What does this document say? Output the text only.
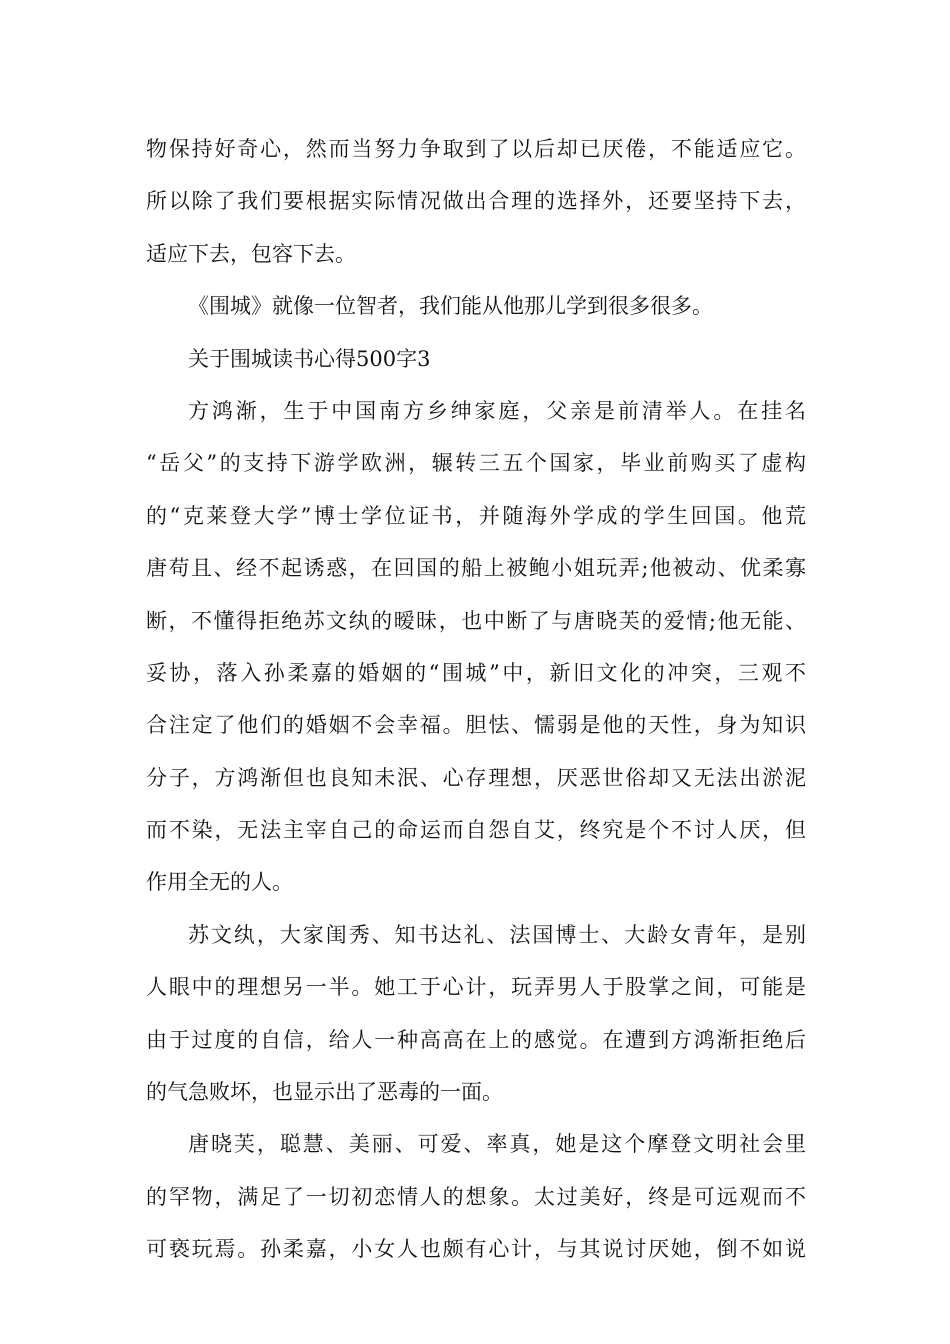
物保持好奇心，然而当努力争取到了以后却已厌倦，不能适应它。
所以除了我们要根据实际情况做出合理的选择外，还要坚持下去，
适应下去，包容下去。
《围城》就像一位智者，我们能从他那儿学到很多很多。
关于围城读书心得500字3
方鸿渐，生于中国南方乡绅家庭，父亲是前清举人。在挂名
“岳父”的支持下游学欧洲，辗转三五个国家，毕业前购买了虚构
的“克莱登大学”博士学位证书，并随海外学成的学生回国。他荒
唐苟且、经不起诱惑，在回国的船上被鲍小姐玩弄;他被动、优柔寡
断，不懂得拒绝苏文纨的暧昧，也中断了与唐晓芙的爱情;他无能、
妥协，落入孙柔嘉的婚姻的“围城”中，新旧文化的冲突，三观不
合注定了他们的婚姻不会幸福。胆怯、懦弱是他的天性，身为知识
分子，方鸿渐但也良知未泯、心存理想，厌恶世俗却又无法出淤泥
而不染，无法主宰自己的命运而自怨自艾，终究是个不讨人厌，但
作用全无的人。
苏文纨，大家闺秀、知书达礼、法国博士、大龄女青年，是别
人眼中的理想另一半。她工于心计，玩弄男人于股掌之间，可能是
由于过度的自信，给人一种高高在上的感觉。在遭到方鸿渐拒绝后
的气急败坏，也显示出了恶毒的一面。
唐晓芙，聪慧、美丽、可爱、率真，她是这个摩登文明社会里
的罕物，满足了一切初恋情人的想象。太过美好，终是可远观而不
可亵玩焉。孙柔嘉，小女人也颇有心计，与其说讨厌她，倒不如说
